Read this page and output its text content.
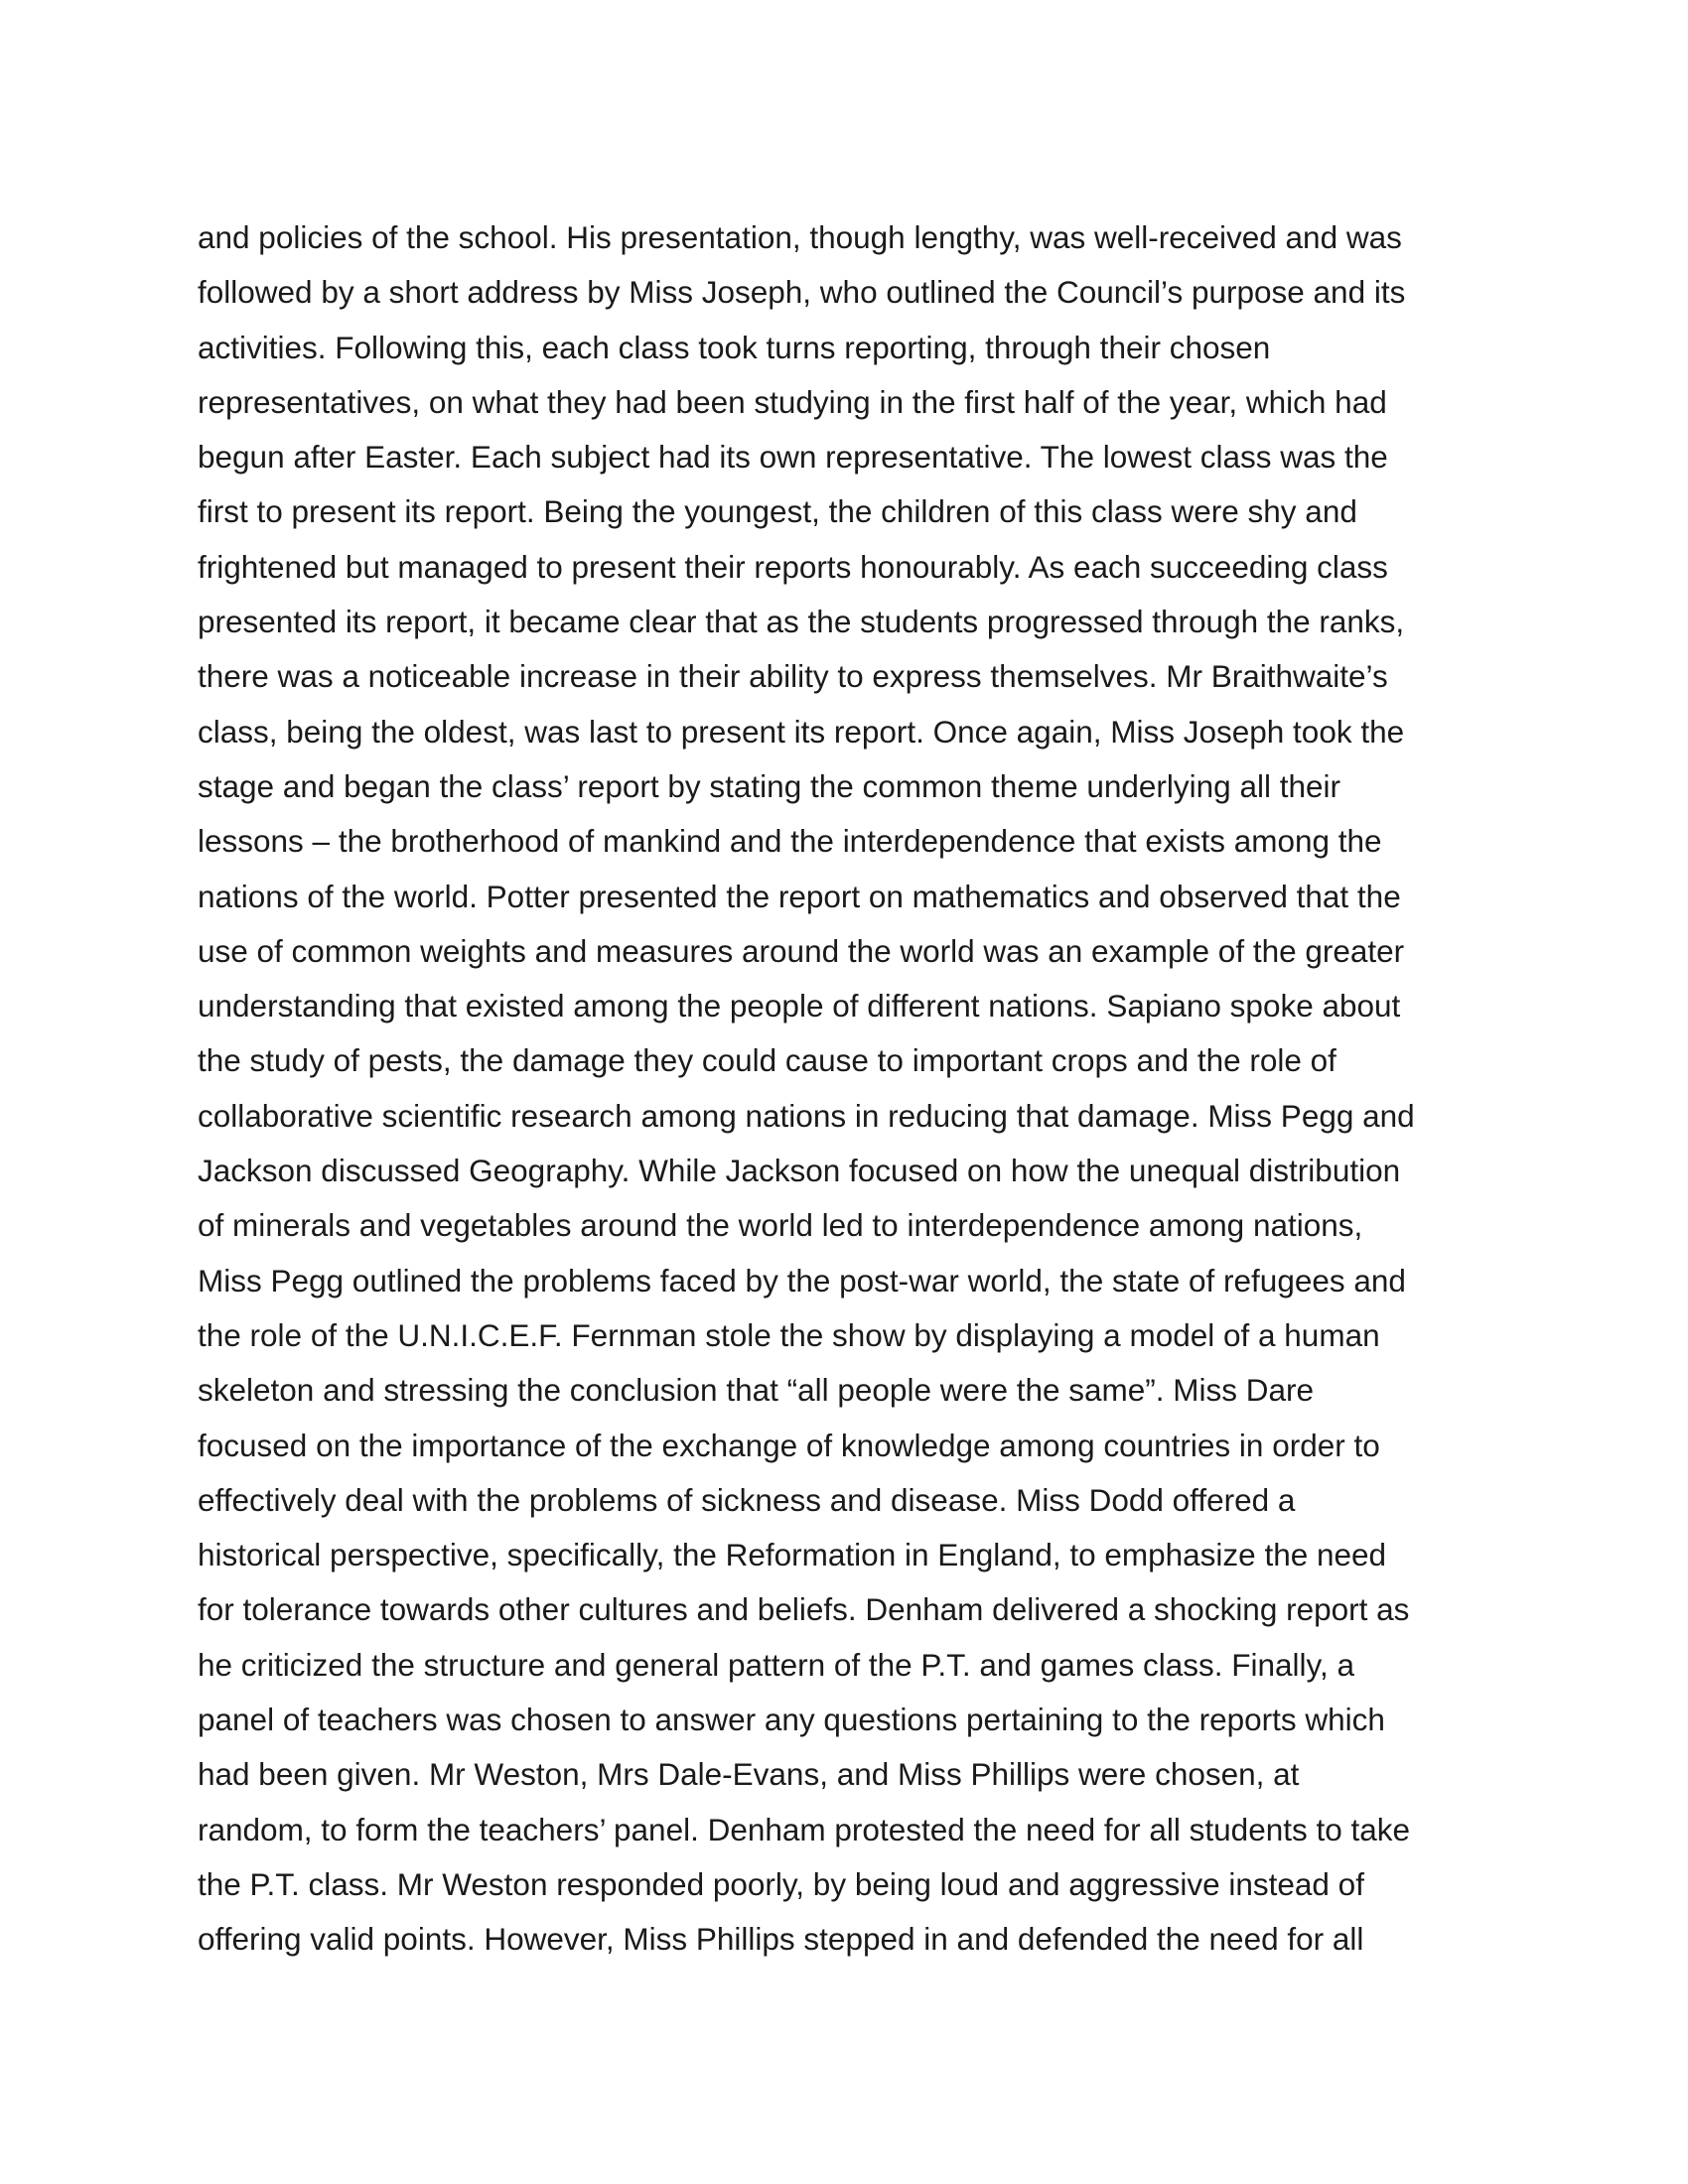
and policies of the school. His presentation, though lengthy, was well-received and was
followed by a short address by Miss Joseph, who outlined the Council’s purpose and its
activities. Following this, each class took turns reporting, through their chosen
representatives, on what they had been studying in the first half of the year, which had
begun after Easter. Each subject had its own representative. The lowest class was the
first to present its report. Being the youngest, the children of this class were shy and
frightened but managed to present their reports honourably. As each succeeding class
presented its report, it became clear that as the students progressed through the ranks,
there was a noticeable increase in their ability to express themselves. Mr Braithwaite’s
class, being the oldest, was last to present its report. Once again, Miss Joseph took the
stage and began the class’ report by stating the common theme underlying all their
lessons – the brotherhood of mankind and the interdependence that exists among the
nations of the world. Potter presented the report on mathematics and observed that the
use of common weights and measures around the world was an example of the greater
understanding that existed among the people of different nations. Sapiano spoke about
the study of pests, the damage they could cause to important crops and the role of
collaborative scientific research among nations in reducing that damage. Miss Pegg and
Jackson discussed Geography. While Jackson focused on how the unequal distribution
of minerals and vegetables around the world led to interdependence among nations,
Miss Pegg outlined the problems faced by the post-war world, the state of refugees and
the role of the U.N.I.C.E.F. Fernman stole the show by displaying a model of a human
skeleton and stressing the conclusion that “all people were the same”. Miss Dare
focused on the importance of the exchange of knowledge among countries in order to
effectively deal with the problems of sickness and disease. Miss Dodd offered a
historical perspective, specifically, the Reformation in England, to emphasize the need
for tolerance towards other cultures and beliefs. Denham delivered a shocking report as
he criticized the structure and general pattern of the P.T. and games class. Finally, a
panel of teachers was chosen to answer any questions pertaining to the reports which
had been given. Mr Weston, Mrs Dale-Evans, and Miss Phillips were chosen, at
random, to form the teachers’ panel. Denham protested the need for all students to take
the P.T. class. Mr Weston responded poorly, by being loud and aggressive instead of
offering valid points. However, Miss Phillips stepped in and defended the need for all
